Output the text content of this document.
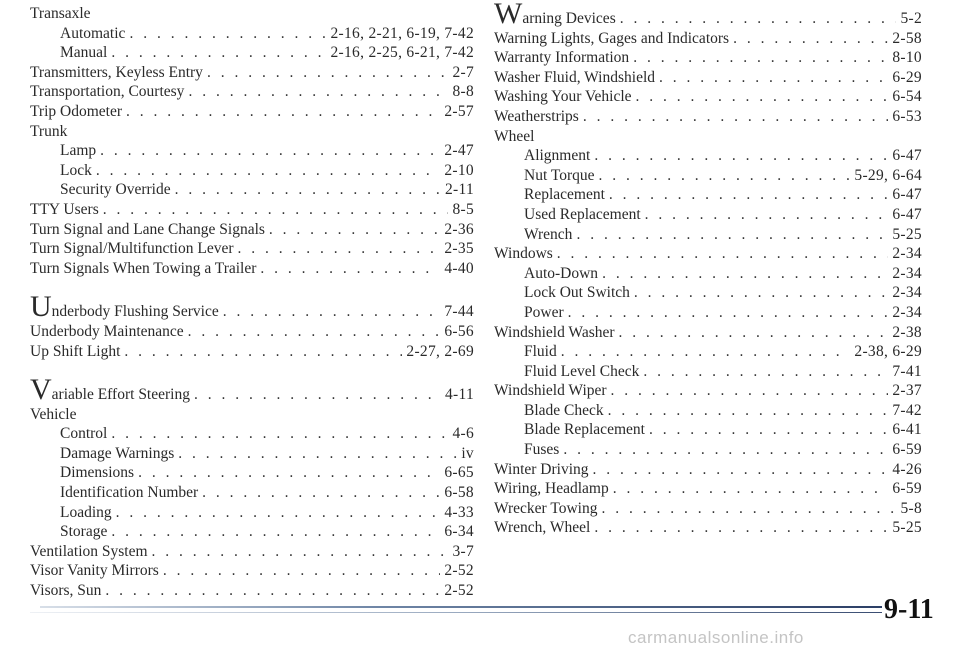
Transaxle
Automatic . . .	2-16, 2-21, 6-19, 7-42
Manual . . .	2-16, 2-25, 6-21, 7-42
Transmitters, Keyless Entry . . .	2-7
Transportation, Courtesy . . .	8-8
Trip Odometer . . .	2-57
Trunk
Lamp . . .	2-47
Lock . . .	2-10
Security Override . . .	2-11
TTY Users . . .	8-5
Turn Signal and Lane Change Signals . . .	2-36
Turn Signal/Multifunction Lever . . .	2-35
Turn Signals When Towing a Trailer . . .	4-40
Underbody Flushing Service . . .	7-44
Underbody Maintenance . . .	6-56
Up Shift Light . . .	2-27, 2-69
Variable Effort Steering . . .	4-11
Vehicle
Control . . .	4-6
Damage Warnings . . .	iv
Dimensions . . .	6-65
Identification Number . . .	6-58
Loading . . .	4-33
Storage . . .	6-34
Ventilation System . . .	3-7
Visor Vanity Mirrors . . .	2-52
Visors, Sun . . .	2-52
Warning Devices . . .	5-2
Warning Lights, Gages and Indicators . . .	2-58
Warranty Information . . .	8-10
Washer Fluid, Windshield . . .	6-29
Washing Your Vehicle . . .	6-54
Weatherstrips . . .	6-53
Wheel
Alignment . . .	6-47
Nut Torque . . .	5-29, 6-64
Replacement . . .	6-47
Used Replacement . . .	6-47
Wrench . . .	5-25
Windows . . .	2-34
Auto-Down . . .	2-34
Lock Out Switch . . .	2-34
Power . . .	2-34
Windshield Washer . . .	2-38
Fluid . . .	2-38, 6-29
Fluid Level Check . . .	7-41
Windshield Wiper . . .	2-37
Blade Check . . .	7-42
Blade Replacement . . .	6-41
Fuses . . .	6-59
Winter Driving . . .	4-26
Wiring, Headlamp . . .	6-59
Wrecker Towing . . .	5-8
Wrench, Wheel . . .	5-25
9-11
carmanualsonline.info
